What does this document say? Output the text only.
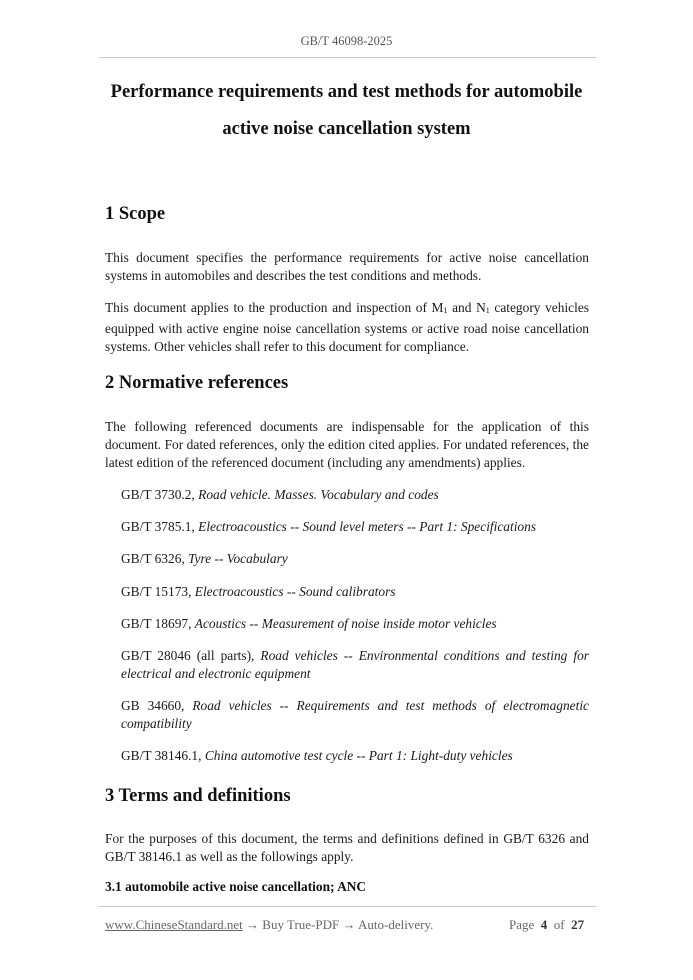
GB/T 46098-2025
Performance requirements and test methods for automobile
active noise cancellation system
1 Scope

This document specifies the performance requirements for active noise cancellation systems in automobiles and describes the test conditions and methods.

This document applies to the production and inspection of $M_1$ and $N_1$ category vehicles equipped with active engine noise cancellation systems or active road noise cancellation systems. Other vehicles shall refer to this document for compliance.

2 Normative references

The following referenced documents are indispensable for the application of this document. For dated references, only the edition cited applies. For undated references, the latest edition of the referenced document (including any amendments) applies.

GB/T 3730.2, Road vehicle. Masses. Vocabulary and codes
GB/T 3785.1, Electroacoustics -- Sound level meters -- Part 1: Specifications
GB/T 6326, Tyre -- Vocabulary
GB/T 15173, Electroacoustics -- Sound calibrators
GB/T 18697, Acoustics -- Measurement of noise inside motor vehicles
GB/T 28046 (all parts), Road vehicles -- Environmental conditions and testing for electrical and electronic equipment
GB 34660, Road vehicles -- Requirements and test methods of electromagnetic compatibility
GB/T 38146.1, China automotive test cycle -- Part 1: Light-duty vehicles
3 Terms and definitions

For the purposes of this document, the terms and definitions defined in GB/T 6326 and GB/T 38146.1 as well as the followings apply.

3.1 automobile active noise cancellation; ANC
www.ChineseStandard.net → Buy True-PDF → Auto-delivery.	Page 4 of 27
